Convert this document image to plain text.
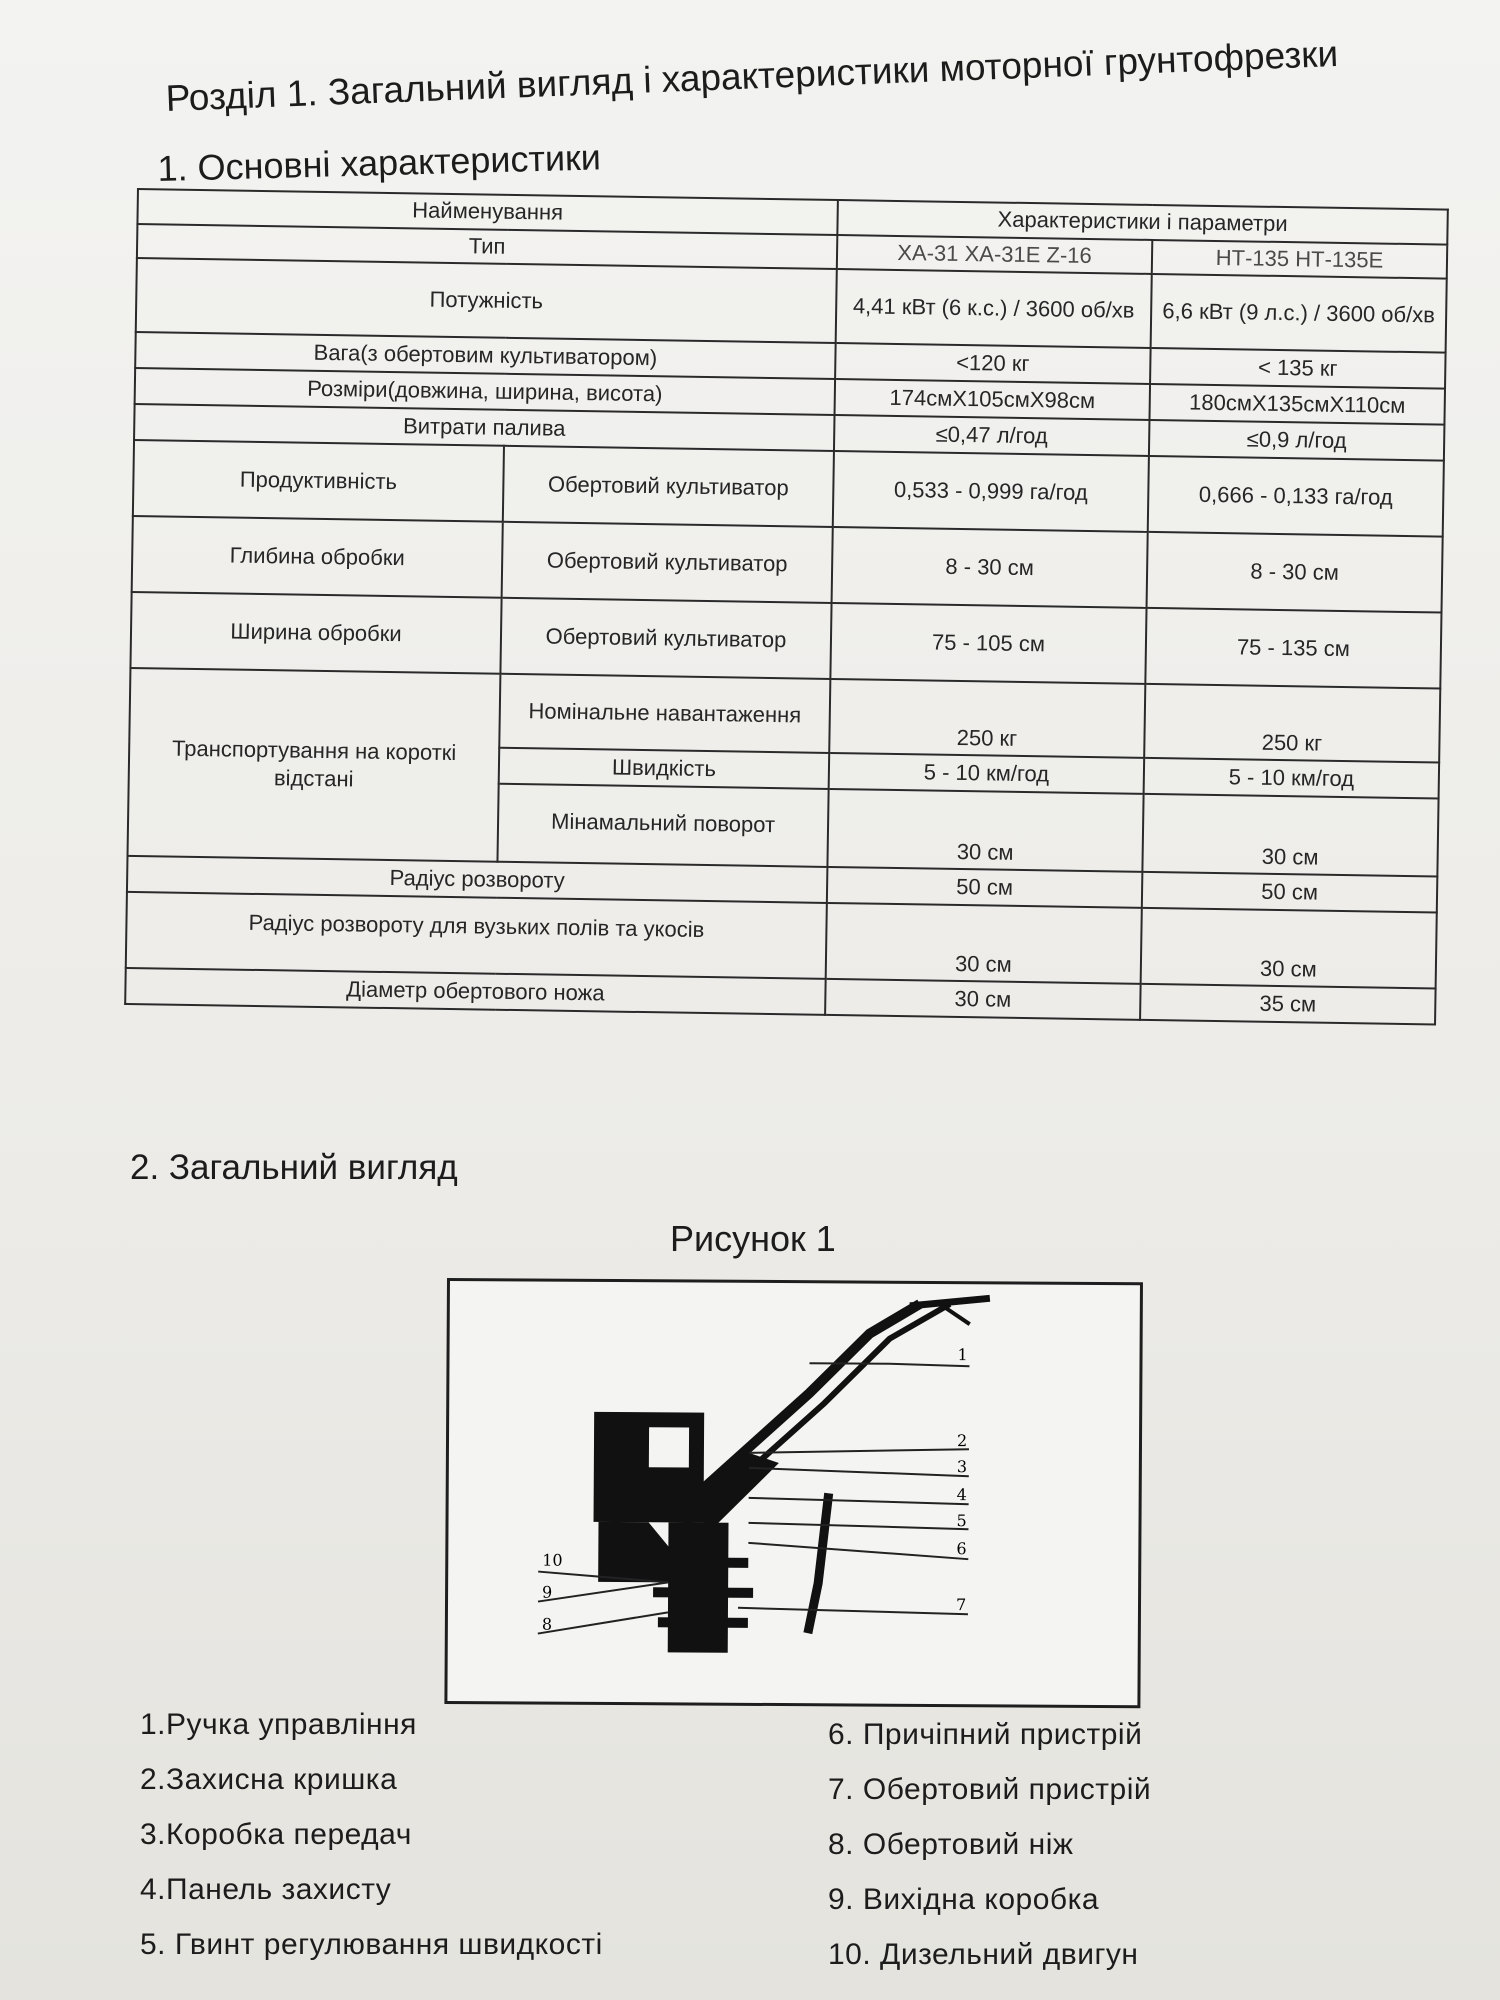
Розділ 1. Загальний вигляд і характеристики моторної грунтофрезки
1. Основні характеристики
Найменування		Характеристики і параметри	
Тип		ХА-31 ХА-31Е Z-16	НТ-135 НТ-135Е
Потужність		4,41 кВт (6 к.с.) / 3600 об/хв	6,6 кВт (9 л.с.) / 3600 об/хв
Вага(з обертовим культиватором)		<120 кг	< 135 кг
Розміри(довжина, ширина, висота)		174смХ105смХ98см	180смХ135смХ110см
Витрати палива		≤0,47 л/год	≤0,9 л/год
Продуктивність	Обертовий культиватор	0,533 - 0,999 га/год	0,666 - 0,133 га/год
Глибина обробки	Обертовий культиватор	8 - 30 см	8 - 30 см
Ширина обробки	Обертовий культиватор	75 - 105 см	75 - 135 см
Транспортування на короткі відстані	Номінальне навантаження	250 кг	250 кг
	Швидкість	5 - 10 км/год	5 - 10 км/год
	Мінамальний поворот	30 см	30 см
Радіус розвороту		50 см	50 см
Радіус розвороту для вузьких полів та укосів		30 см	30 см
Діаметр обертового ножа		30 см	35 см
2. Загальний вигляд
Рисунок 1
1
2
3
4
5
6
7
8
9
10
1.Ручка управління
2.Захисна кришка
3.Коробка передач
4.Панель захисту
5. Гвинт регулювання швидкості
6. Причіпний пристрій
7. Обертовий пристрій
8. Обертовий ніж
9. Вихідна коробка
10. Дизельний двигун
